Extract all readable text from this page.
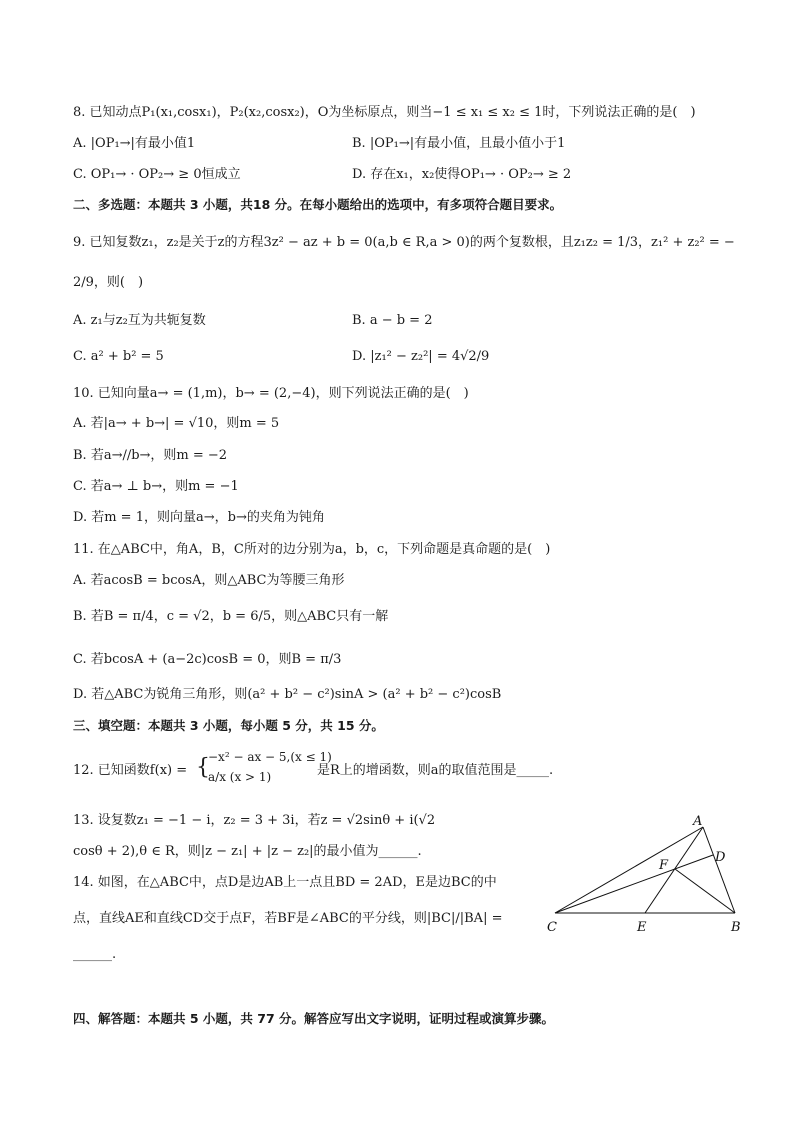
8. 已知动点P₁(x₁,cosx₁)，P₂(x₂,cosx₂)，O为坐标原点，则当−1 ≤ x₁ ≤ x₂ ≤ 1时，下列说法正确的是(　)
A. |OP₁→|有最小值1	B. |OP₁→|有最小值，且最小值小于1
C. OP₁→ · OP₂→ ≥ 0恒成立	D. 存在x₁，x₂使得OP₁→ · OP₂→ ≥ 2
二、多选题：本题共 3 小题，共18 分。在每小题给出的选项中，有多项符合题目要求。
9. 已知复数z₁，z₂是关于z的方程3z² − az + b = 0(a,b ∈ R,a > 0)的两个复数根，且z₁z₂ = 1/3，z₁² + z₂² = −
2/9，则(　)
A. z₁与z₂互为共轭复数	B. a − b = 2
C. a² + b² = 5	D. |z₁² − z₂²| = 4√2/9
10. 已知向量a→ = (1,m)，b→ = (2,−4)，则下列说法正确的是(　)
A. 若|a→ + b→| = √10，则m = 5
B. 若a→//b→，则m = −2
C. 若a→ ⊥ b→，则m = −1
D. 若m = 1，则向量a→，b→的夹角为钝角
11. 在△ABC中，角A，B，C所对的边分别为a，b，c，下列命题是真命题的是(　)
A. 若acosB = bcosA，则△ABC为等腰三角形
B. 若B = π/4，c = √2，b = 6/5，则△ABC只有一解
C. 若bcosA + (a−2c)cosB = 0，则B = π/3
D. 若△ABC为锐角三角形，则(a² + b² − c²)sinA > (a² + b² − c²)cosB
三、填空题：本题共 3 小题，每小题 5 分，共 15 分。
12. 已知函数f(x) = {
−x² − ax − 5,(x ≤ 1)
a/x (x > 1)	是R上的增函数，则a的取值范围是_____.
13. 设复数z₁ = −1 − i，z₂ = 3 + 3i，若z = √2sinθ + i(√2
cosθ + 2),θ ∈ R，则|z − z₁| + |z − z₂|的最小值为______.
14. 如图，在△ABC中，点D是边AB上一点且BD = 2AD，E是边BC的中
点，直线AE和直线CD交于点F，若BF是∠ABC的平分线，则|BC|/|BA| =
______.
四、解答题：本题共 5 小题，共 77 分。解答应写出文字说明，证明过程或演算步骤。
A
B
C
D
E
F
